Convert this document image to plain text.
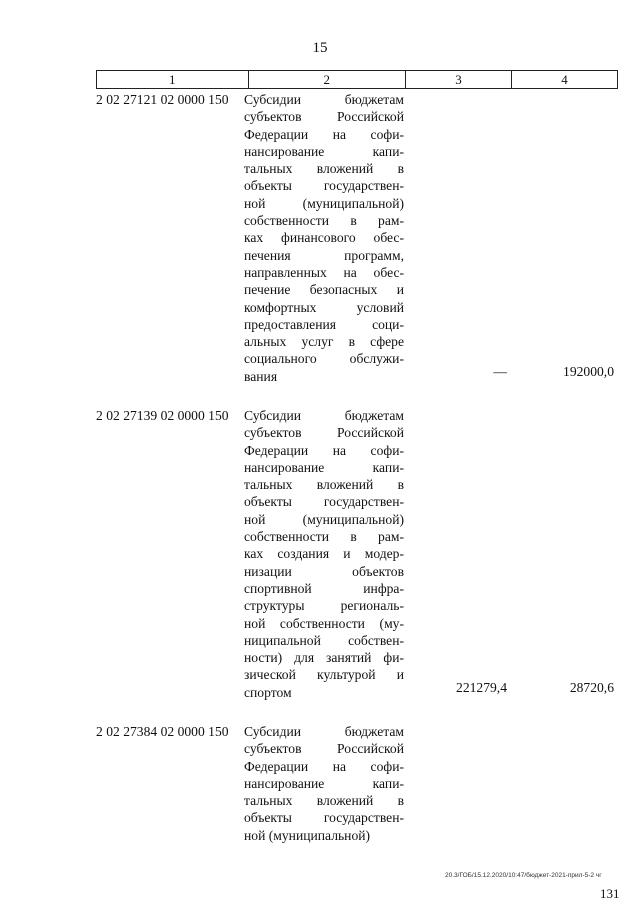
15
1	2	3	4
2 02 27121 02 0000 150	Субсидии бюджетам
субъектов Российской
Федерации на софи-
нансирование капи-
тальных вложений в
объекты государствен-
ной (муниципальной)
собственности в рам-
ках финансового обес-
печения программ,
направленных на обес-
печение безопасных и
комфортных условий
предоставления соци-
альных услуг в сфере
социального обслужи-
вания	—	192000,0
2 02 27139 02 0000 150	Субсидии бюджетам
субъектов Российской
Федерации на софи-
нансирование капи-
тальных вложений в
объекты государствен-
ной (муниципальной)
собственности в рам-
ках создания и модер-
низации объектов
спортивной инфра-
структуры региональ-
ной собственности (му-
ниципальной собствен-
ности) для занятий фи-
зической культурой и
спортом	221279,4	28720,6
2 02 27384 02 0000 150	Субсидии бюджетам
субъектов Российской
Федерации на софи-
нансирование капи-
тальных вложений в
объекты государствен-
ной (муниципальной)
20.3/ГОБ/15.12.2020/10:47/бюджет-2021-прил-5-2 чг
131
